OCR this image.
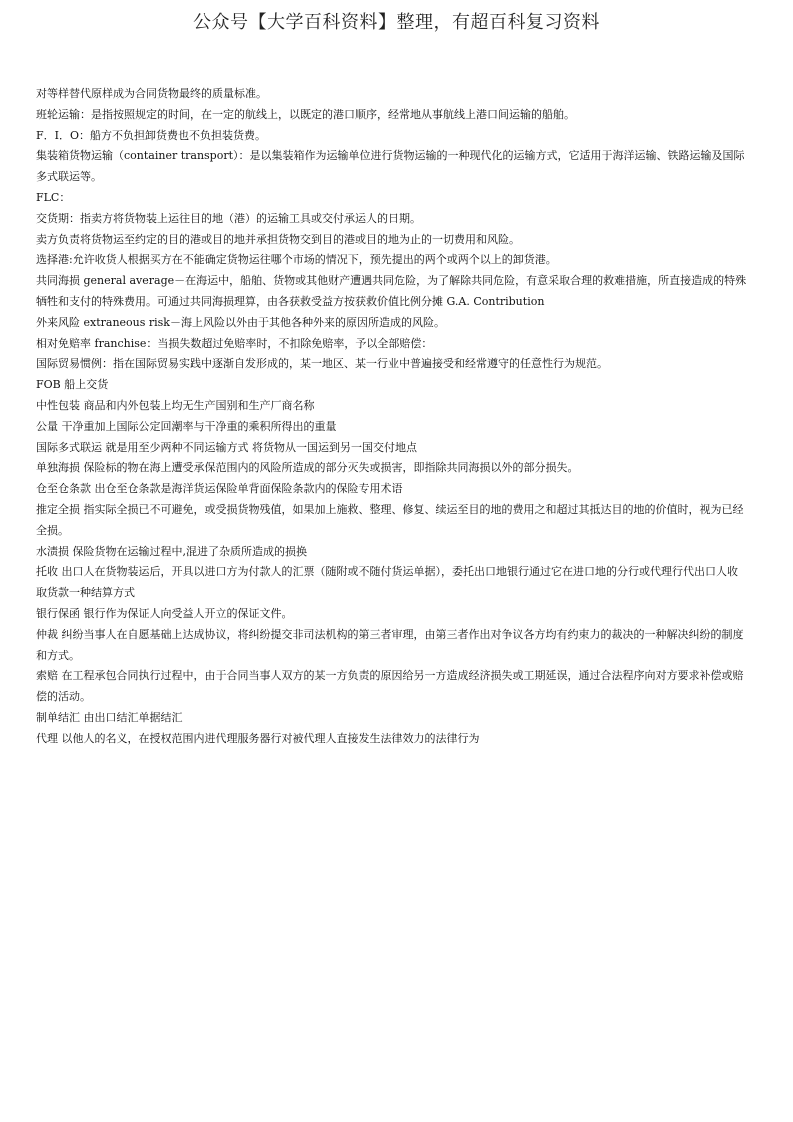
公众号【大学百科资料】整理，有超百科复习资料

对等样替代原样成为合同货物最终的质量标准。

班轮运输：是指按照规定的时间，在一定的航线上，以既定的港口顺序，经常地从事航线上港口间运输的船舶。

F．I．O：船方不负担卸货费也不负担装货费。

集装箱货物运输（container transport）：是以集装箱作为运输单位进行货物运输的一种现代化的运输方式，它适用于海洋运输、铁路运输及国际多式联运等。

FLC：

交货期：指卖方将货物装上运往目的地（港）的运输工具或交付承运人的日期。

卖方负责将货物运至约定的目的港或目的地并承担货物交到目的港或目的地为止的一切费用和风险。

选择港:允许收货人根据买方在不能确定货物运往哪个市场的情况下，预先提出的两个或两个以上的卸货港。

共同海损 general average－在海运中，船舶、货物或其他财产遭遇共同危险，为了解除共同危险，有意采取合理的救难措施，所直接造成的特殊牺牲和支付的特殊费用。可通过共同海损理算，由各获救受益方按获救价值比例分摊 G.A. Contribution

外来风险 extraneous risk－海上风险以外由于其他各种外来的原因所造成的风险。

相对免赔率 franchise：当损失数超过免赔率时，不扣除免赔率，予以全部赔偿：

国际贸易惯例：指在国际贸易实践中逐渐自发形成的，某一地区、某一行业中普遍接受和经常遵守的任意性行为规范。

FOB 船上交货

中性包装 商品和内外包装上均无生产国别和生产厂商名称

公量 干净重加上国际公定回潮率与干净重的乘积所得出的重量

国际多式联运 就是用至少两种不同运输方式 将货物从一国运到另一国交付地点

单独海损 保险标的物在海上遭受承保范围内的风险所造成的部分灭失或损害，即指除共同海损以外的部分损失。

仓至仓条款 出仓至仓条款是海洋货运保险单背面保险条款内的保险专用术语

推定全损 指实际全损已不可避免，或受损货物残值，如果加上施救、整理、修复、续运至目的地的费用之和超过其抵达目的地的价值时，视为已经全损。

水渍损 保险货物在运输过程中,混进了杂质所造成的损换

托收 出口人在货物装运后，开具以进口方为付款人的汇票（随附或不随付货运单据），委托出口地银行通过它在进口地的分行或代理行代出口人收取货款一种结算方式

银行保函 银行作为保证人向受益人开立的保证文件。

仲裁 纠纷当事人在自愿基础上达成协议，将纠纷提交非司法机构的第三者审理，由第三者作出对争议各方均有约束力的裁决的一种解决纠纷的制度和方式。

索赔 在工程承包合同执行过程中，由于合同当事人双方的某一方负责的原因给另一方造成经济损失或工期延误，通过合法程序向对方要求补偿或赔偿的活动。

制单结汇 由出口结汇单据结汇

代理 以他人的名义，在授权范围内进代理服务器行对被代理人直接发生法律效力的法律行为
